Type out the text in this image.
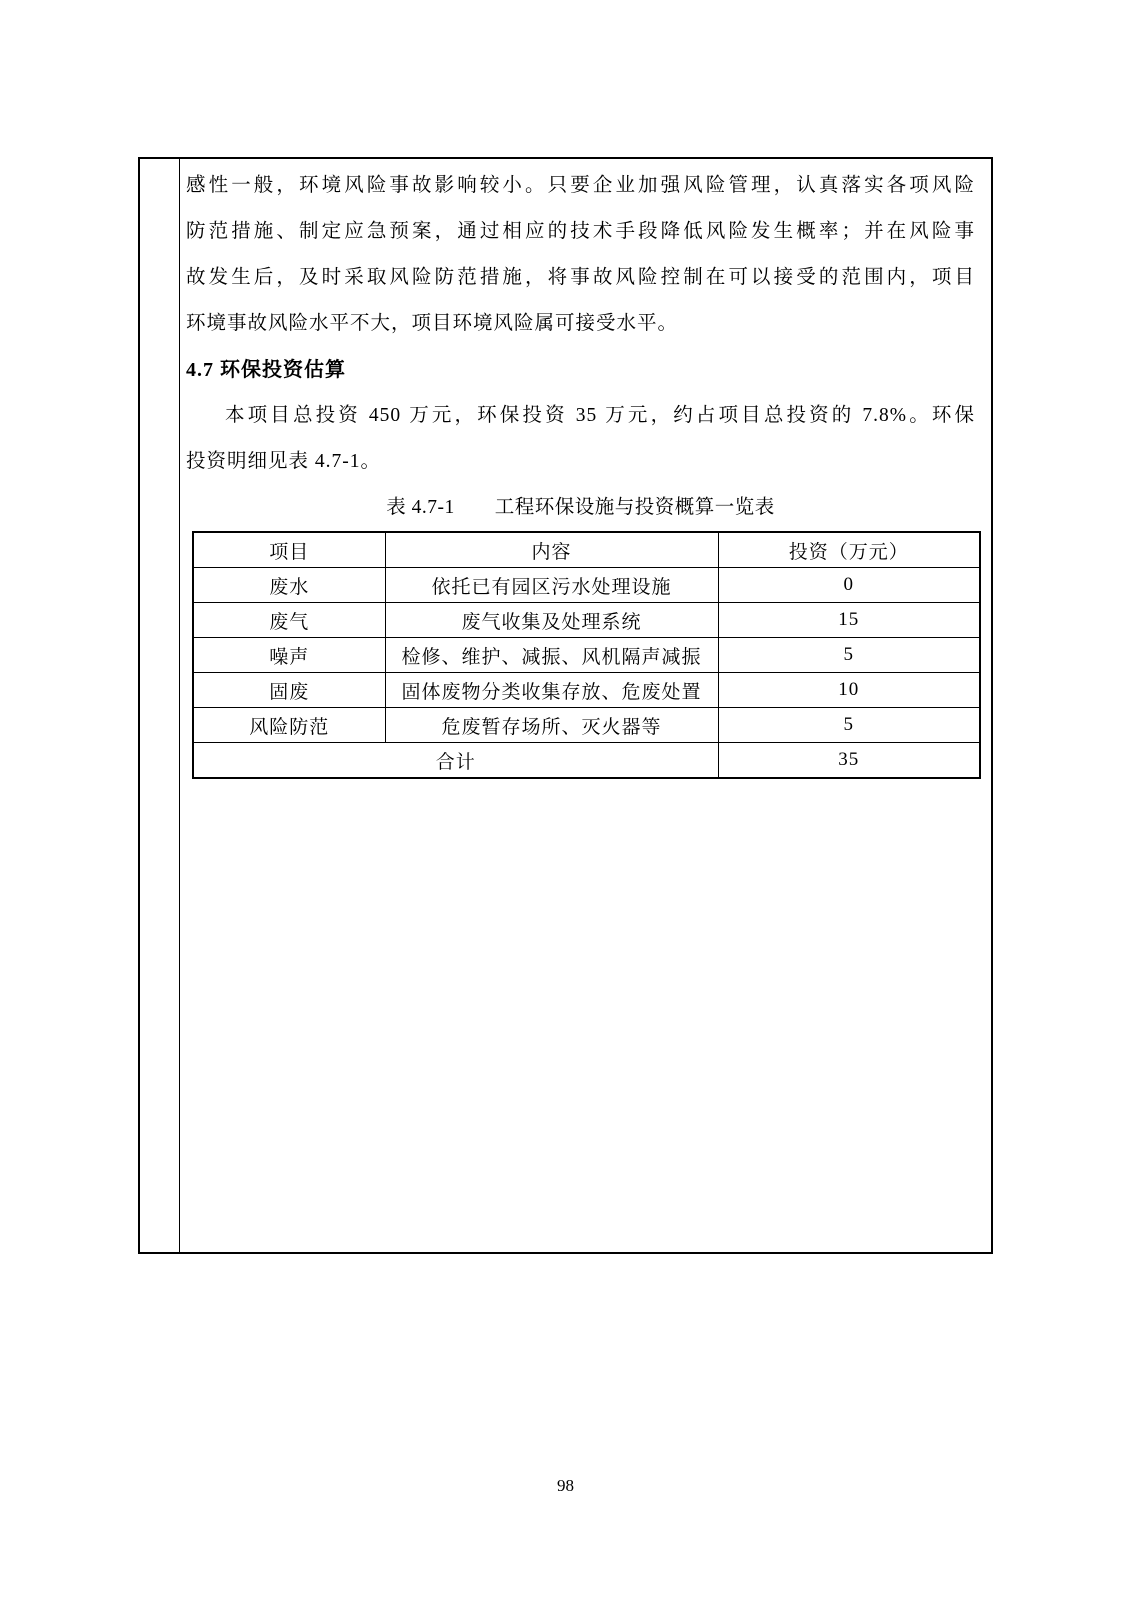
感性一般，环境风险事故影响较小。只要企业加强风险管理，认真落实各项风险
防范措施、制定应急预案，通过相应的技术手段降低风险发生概率；并在风险事
故发生后，及时采取风险防范措施，将事故风险控制在可以接受的范围内，项目
环境事故风险水平不大，项目环境风险属可接受水平。
4.7 环保投资估算
本项目总投资 450 万元，环保投资 35 万元，约占项目总投资的 7.8%。环保
投资明细见表 4.7-1。
表 4.7-1　　工程环保设施与投资概算一览表
项目	内容	投资（万元）
废水	依托已有园区污水处理设施	0
废气	废气收集及处理系统	15
噪声	检修、维护、减振、风机隔声减振	5
固废	固体废物分类收集存放、危废处置	10
风险防范	危废暂存场所、灭火器等	5
合计		35
98
